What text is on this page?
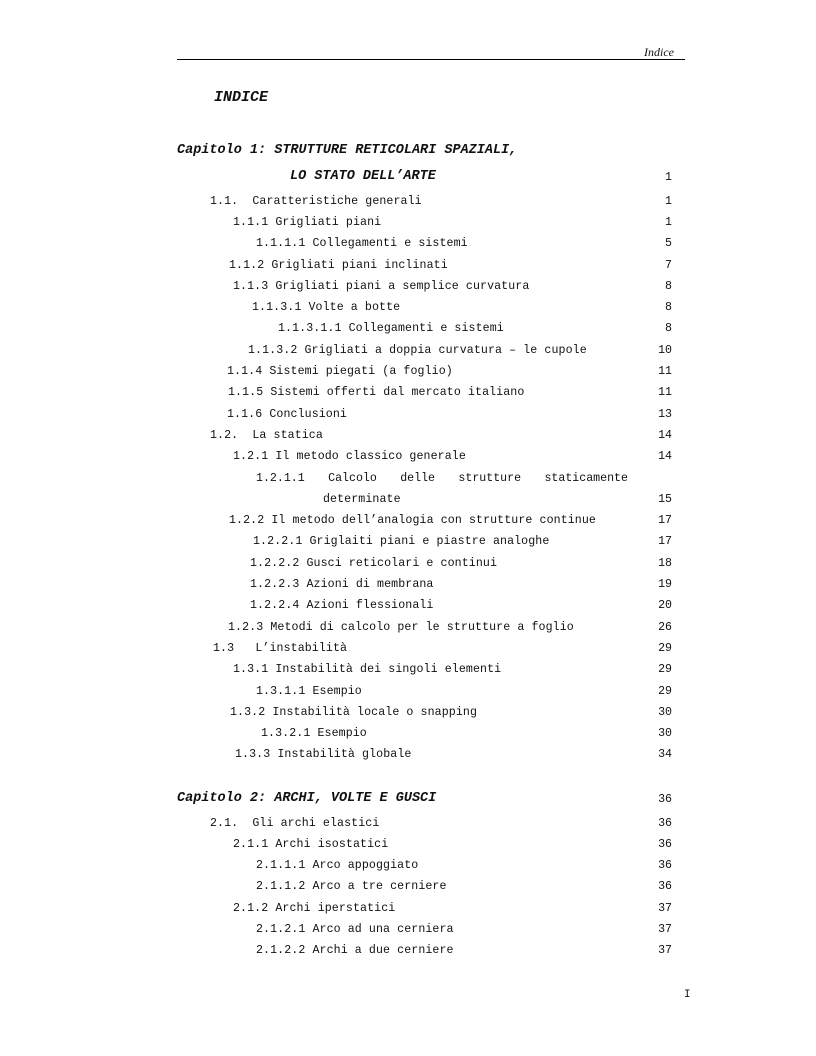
Indice
INDICE
Capitolo 1: STRUTTURE RETICOLARI SPAZIALI,
LO STATO DELL’ARTE	1
1.1.  Caratteristiche generali	1
1.1.1 Grigliati piani	1
1.1.1.1 Collegamenti e sistemi	5
1.1.2 Grigliati piani inclinati	7
1.1.3 Grigliati piani a semplice curvatura	8
1.1.3.1 Volte a botte	8
1.1.3.1.1 Collegamenti e sistemi	8
1.1.3.2 Grigliati a doppia curvatura – le cupole	10
1.1.4 Sistemi piegati (a foglio)	11
1.1.5 Sistemi offerti dal mercato italiano	11
1.1.6 Conclusioni	13
1.2.  La statica	14
1.2.1 Il metodo classico generale	14
1.2.1.1 Calcolo delle strutture staticamente
determinate	15
1.2.2 Il metodo dell’analogia con strutture continue	17
1.2.2.1 Griglaiti piani e piastre analoghe	17
1.2.2.2 Gusci reticolari e continui	18
1.2.2.3 Azioni di membrana	19
1.2.2.4 Azioni flessionali	20
1.2.3 Metodi di calcolo per le strutture a foglio	26
1.3   L’instabilità	29
1.3.1 Instabilità dei singoli elementi	29
1.3.1.1 Esempio	29
1.3.2 Instabilità locale o snapping	30
1.3.2.1 Esempio	30
1.3.3 Instabilità globale	34
Capitolo 2: ARCHI, VOLTE E GUSCI	36
2.1.  Gli archi elastici	36
2.1.1 Archi isostatici	36
2.1.1.1 Arco appoggiato	36
2.1.1.2 Arco a tre cerniere	36
2.1.2 Archi iperstatici	37
2.1.2.1 Arco ad una cerniera	37
2.1.2.2 Archi a due cerniere	37
I
